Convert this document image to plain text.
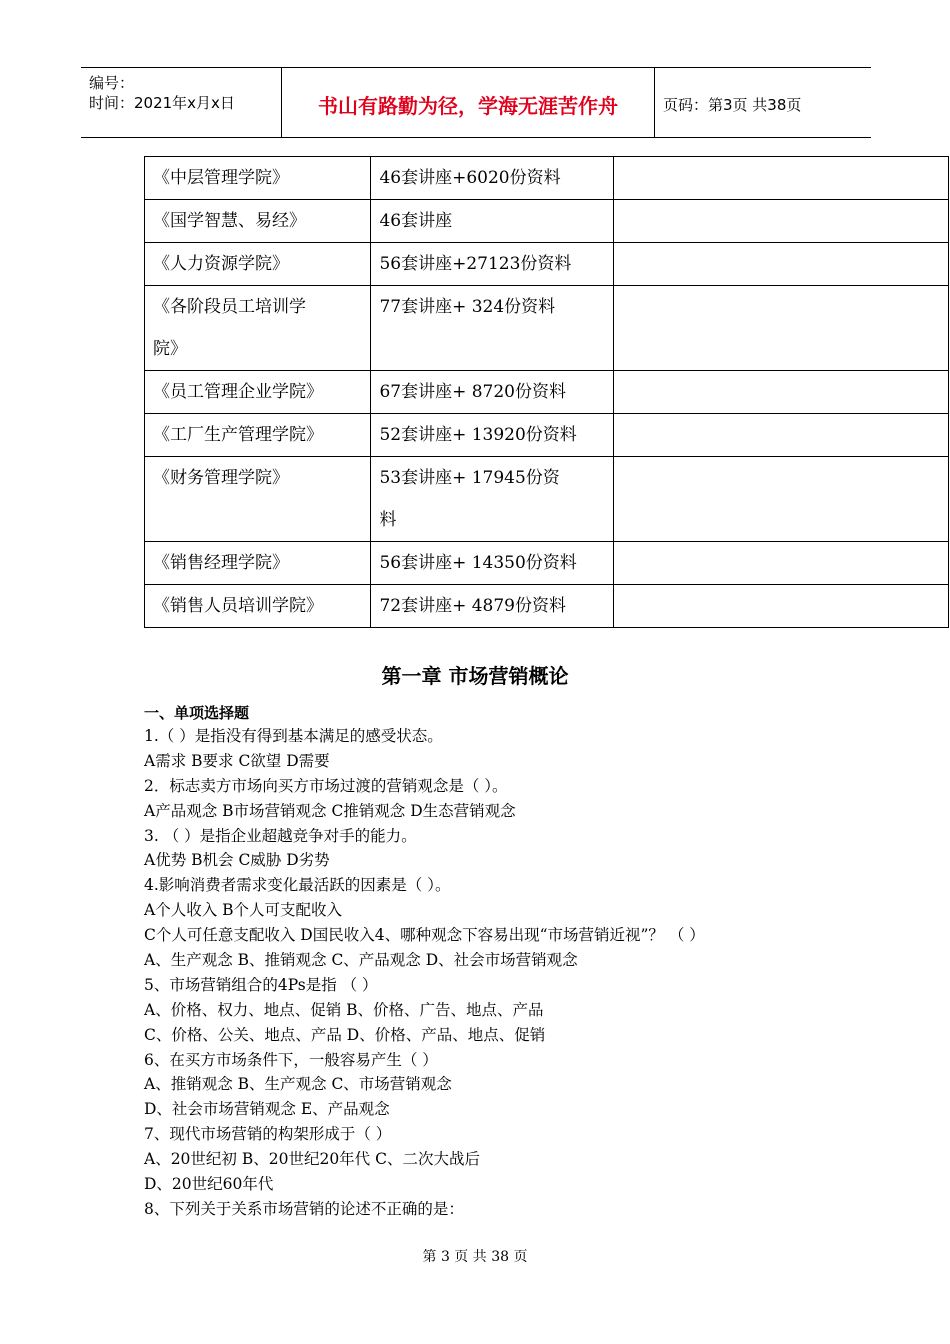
编号：
时间：2021年x月x日	书山有路勤为径，学海无涯苦作舟	页码：第3页 共38页
《中层管理学院》	46套讲座+6020份资料	
《国学智慧、易经》	46套讲座	
《人力资源学院》	56套讲座+27123份资料	

《各阶段员工培训学
院》	77套讲座+ 324份资料	
《员工管理企业学院》	67套讲座+ 8720份资料	
《工厂生产管理学院》	52套讲座+ 13920份资料	
《财务管理学院》	53套讲座+ 17945份资
料	

《销售经理学院》	56套讲座+ 14350份资料	
《销售人员培训学院》	72套讲座+ 4879份资料	
第一章 市场营销概论
一、单项选择题
1.（ ）是指没有得到基本满足的感受状态。
A需求 B要求 C欲望 D需要
2．标志卖方市场向买方市场过渡的营销观念是（ ）。
A产品观念 B市场营销观念 C推销观念 D生态营销观念
3. （ ）是指企业超越竞争对手的能力。
A优势 B机会 C威胁 D劣势
4.影响消费者需求变化最活跃的因素是（ ）。
A个人收入 B个人可支配收入
C个人可任意支配收入 D国民收入4、哪种观念下容易出现“市场营销近视”？ （ ）
A、生产观念 B、推销观念 C、产品观念 D、社会市场营销观念
5、市场营销组合的4Ps是指 （ ）
A、价格、权力、地点、促销 B、价格、广告、地点、产品
C、价格、公关、地点、产品 D、价格、产品、地点、促销
6、在买方市场条件下，一般容易产生（ ）
A、推销观念 B、生产观念 C、市场营销观念
D、社会市场营销观念 E、产品观念
7、现代市场营销的构架形成于（ ）
A、20世纪初 B、20世纪20年代 C、二次大战后
D、20世纪60年代
8、下列关于关系市场营销的论述不正确的是：
第 3 页 共 38 页
